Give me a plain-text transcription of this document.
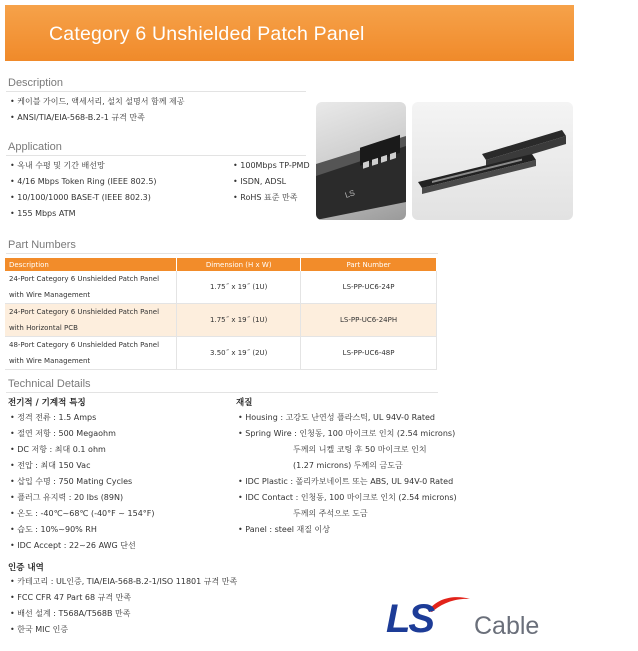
Category 6 Unshielded Patch Panel
Description
• 케이블 가이드, 액세서리, 설치 설명서 함께 제공
• ANSI/TIA/EIA-568-B.2-1 규격 만족
Application
• 옥내 수평 및 기간 배선망
• 4/16 Mbps Token Ring (IEEE 802.5)
• 10/100/1000 BASE-T (IEEE 802.3)
• 155 Mbps ATM
• 100Mbps TP-PMD
• ISDN, ADSL
• RoHS 표준 만족	LS
Part Numbers
Description	Dimension (H x W)	Part Number

24-Port Category 6 Unshielded Patch Panel
with Wire Management	1.75˝ x 19˝ (1U)	LS-PP-UC6-24P

24-Port Category 6 Unshielded Patch Panel
with Horizontal PCB	1.75˝ x 19˝ (1U)	LS-PP-UC6-24PH

48-Port Category 6 Unshielded Patch Panel
with Wire Management	3.50˝ x 19˝ (2U)	LS-PP-UC6-48P
Technical Details
전기적 / 기계적 특징
• 정격 전류 : 1.5 Amps
• 절연 저항 : 500 Megaohm
• DC 저항 : 최대 0.1 ohm
• 전압 : 최대 150 Vac
• 삽입 수명 : 750 Mating Cycles
• 플러그 유지력 : 20 lbs (89N)
• 온도 : -40℃~68℃ (-40°F ~ 154°F)
• 습도 : 10%~90% RH
• IDC Accept : 22~26 AWG 단선
인증 내역
• 카테고리 : UL인증, TIA/EIA-568-B.2-1/ISO 11801 규격 만족
• FCC CFR 47 Part 68 규격 만족
• 배선 설계 : T568A/T568B 만족
• 한국 MIC 인증
재질
• Housing : 고강도 난연성 플라스틱, UL 94V-0 Rated
• Spring Wire : 인청동, 100 마이크로 인치 (2.54 microns)
두께의 니켈 코팅 후 50 마이크로 인치
(1.27 microns) 두께의 금도금
• IDC Plastic : 폴리카보네이트 또는 ABS, UL 94V-0 Rated
• IDC Contact : 인청동, 100 마이크로 인치 (2.54 microns)
두께의 주석으로 도금
• Panel : steel 재질 이상
LS Cable
